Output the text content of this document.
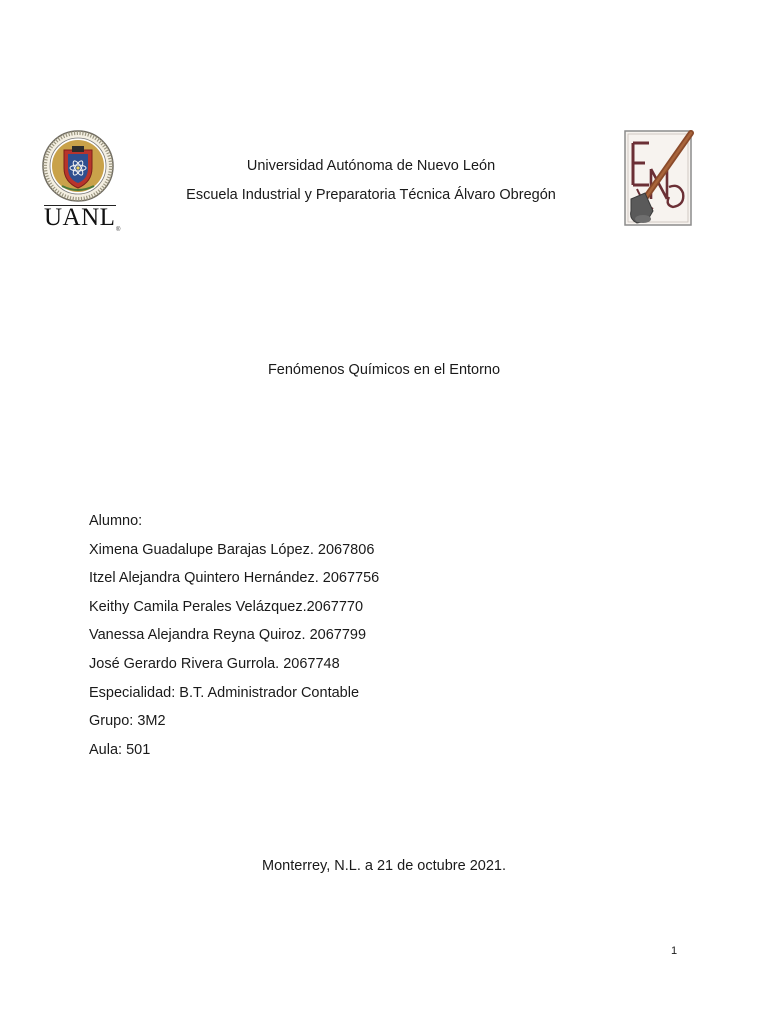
UANL ®
Universidad Autónoma de Nuevo León
Escuela Industrial y Preparatoria Técnica Álvaro Obregón
Fenómenos Químicos en el Entorno
Alumno:
Ximena Guadalupe Barajas López. 2067806
Itzel Alejandra Quintero Hernández. 2067756
Keithy Camila Perales Velázquez.2067770
Vanessa Alejandra Reyna Quiroz. 2067799
José Gerardo Rivera Gurrola. 2067748
Especialidad: B.T. Administrador Contable
Grupo: 3M2
Aula: 501
Monterrey, N.L. a 21 de octubre 2021.
1
